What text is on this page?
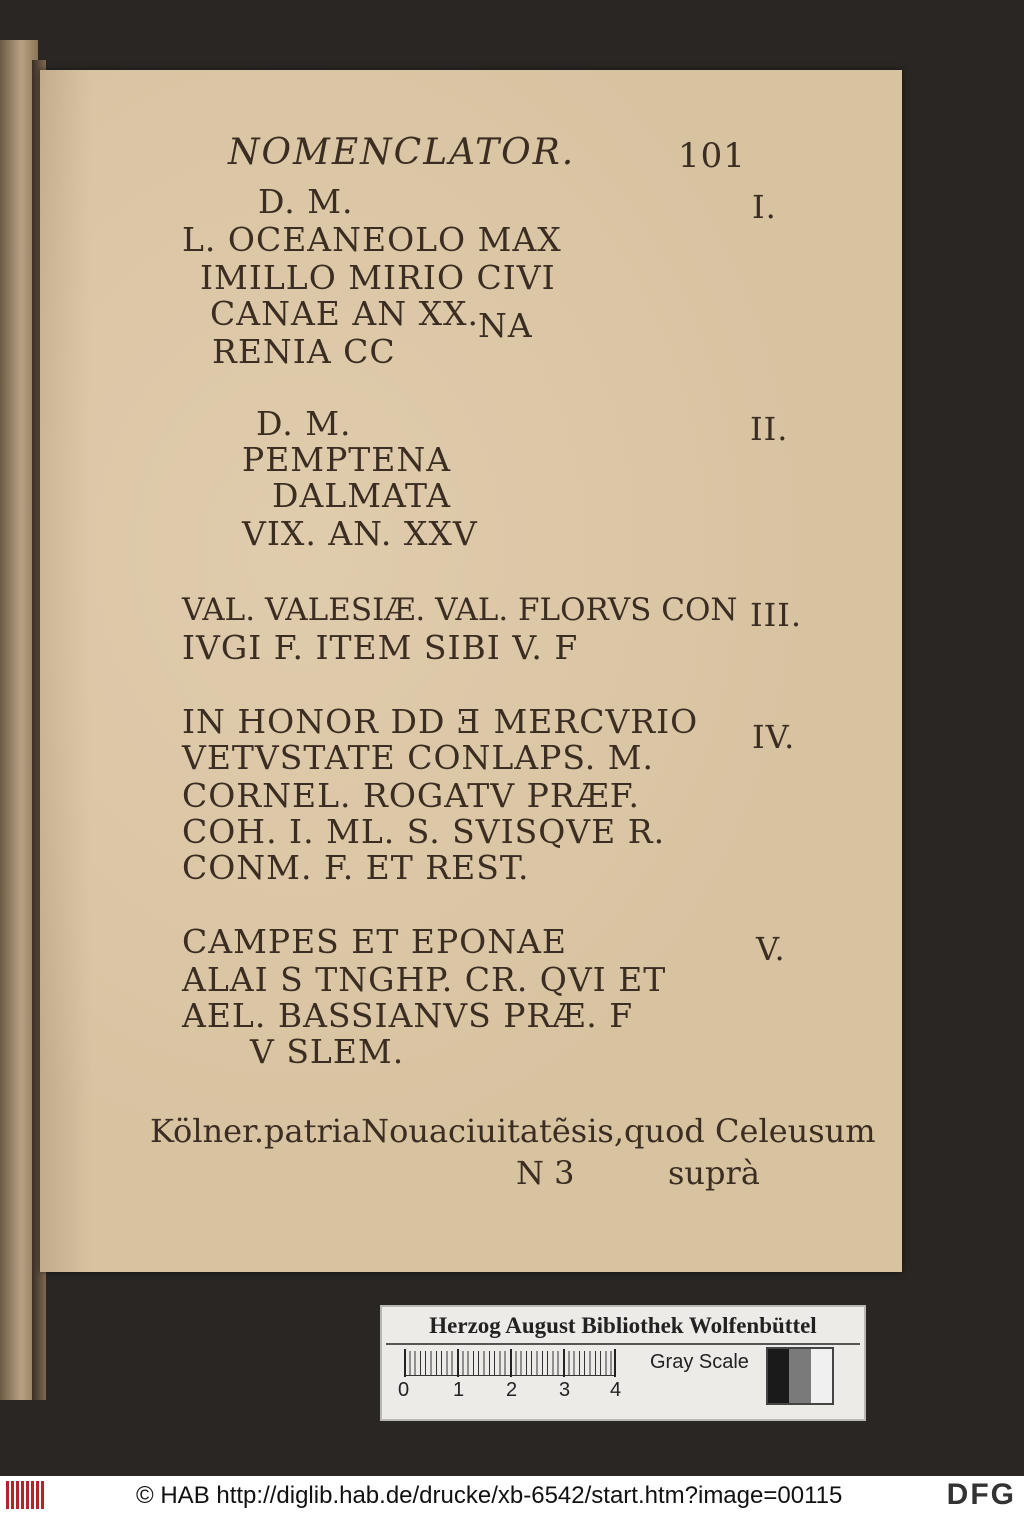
NOMENCLATOR.	101
I.
D. M.
L. OCEANEOLO MAX
IMILLO MIRIO CIVI
CANAE AN XX.
NA
RENIA CC
II.
D. M.
PEMPTENA
DALMATA
VIX. AN. XXV
III.
VAL. VALESIÆ. VAL. FLORVS CON
IVGI F. ITEM SIBI V. F
IV.
IN HONOR DD Ǝ MERCVRIO
VETVSTATE CONLAPS. M.
CORNEL. ROGATV PRÆF.
COH. I. ML. S. SVISQVE R.
CONM. F. ET REST.
V.
CAMPES ET EPONAE
ALAI S TNGHP. CR. QVI ET
AEL. BASSIANVS PRÆ. F
V SLEM.
Kölner.patriaNouaciuitatẽsis,quod Celeusum
N 3	suprà
Herzog August Bibliothek Wolfenbüttel
0 1 2 3 4
Gray Scale
© HAB http://diglib.hab.de/drucke/xb-6542/start.htm?image=00115	DFG
